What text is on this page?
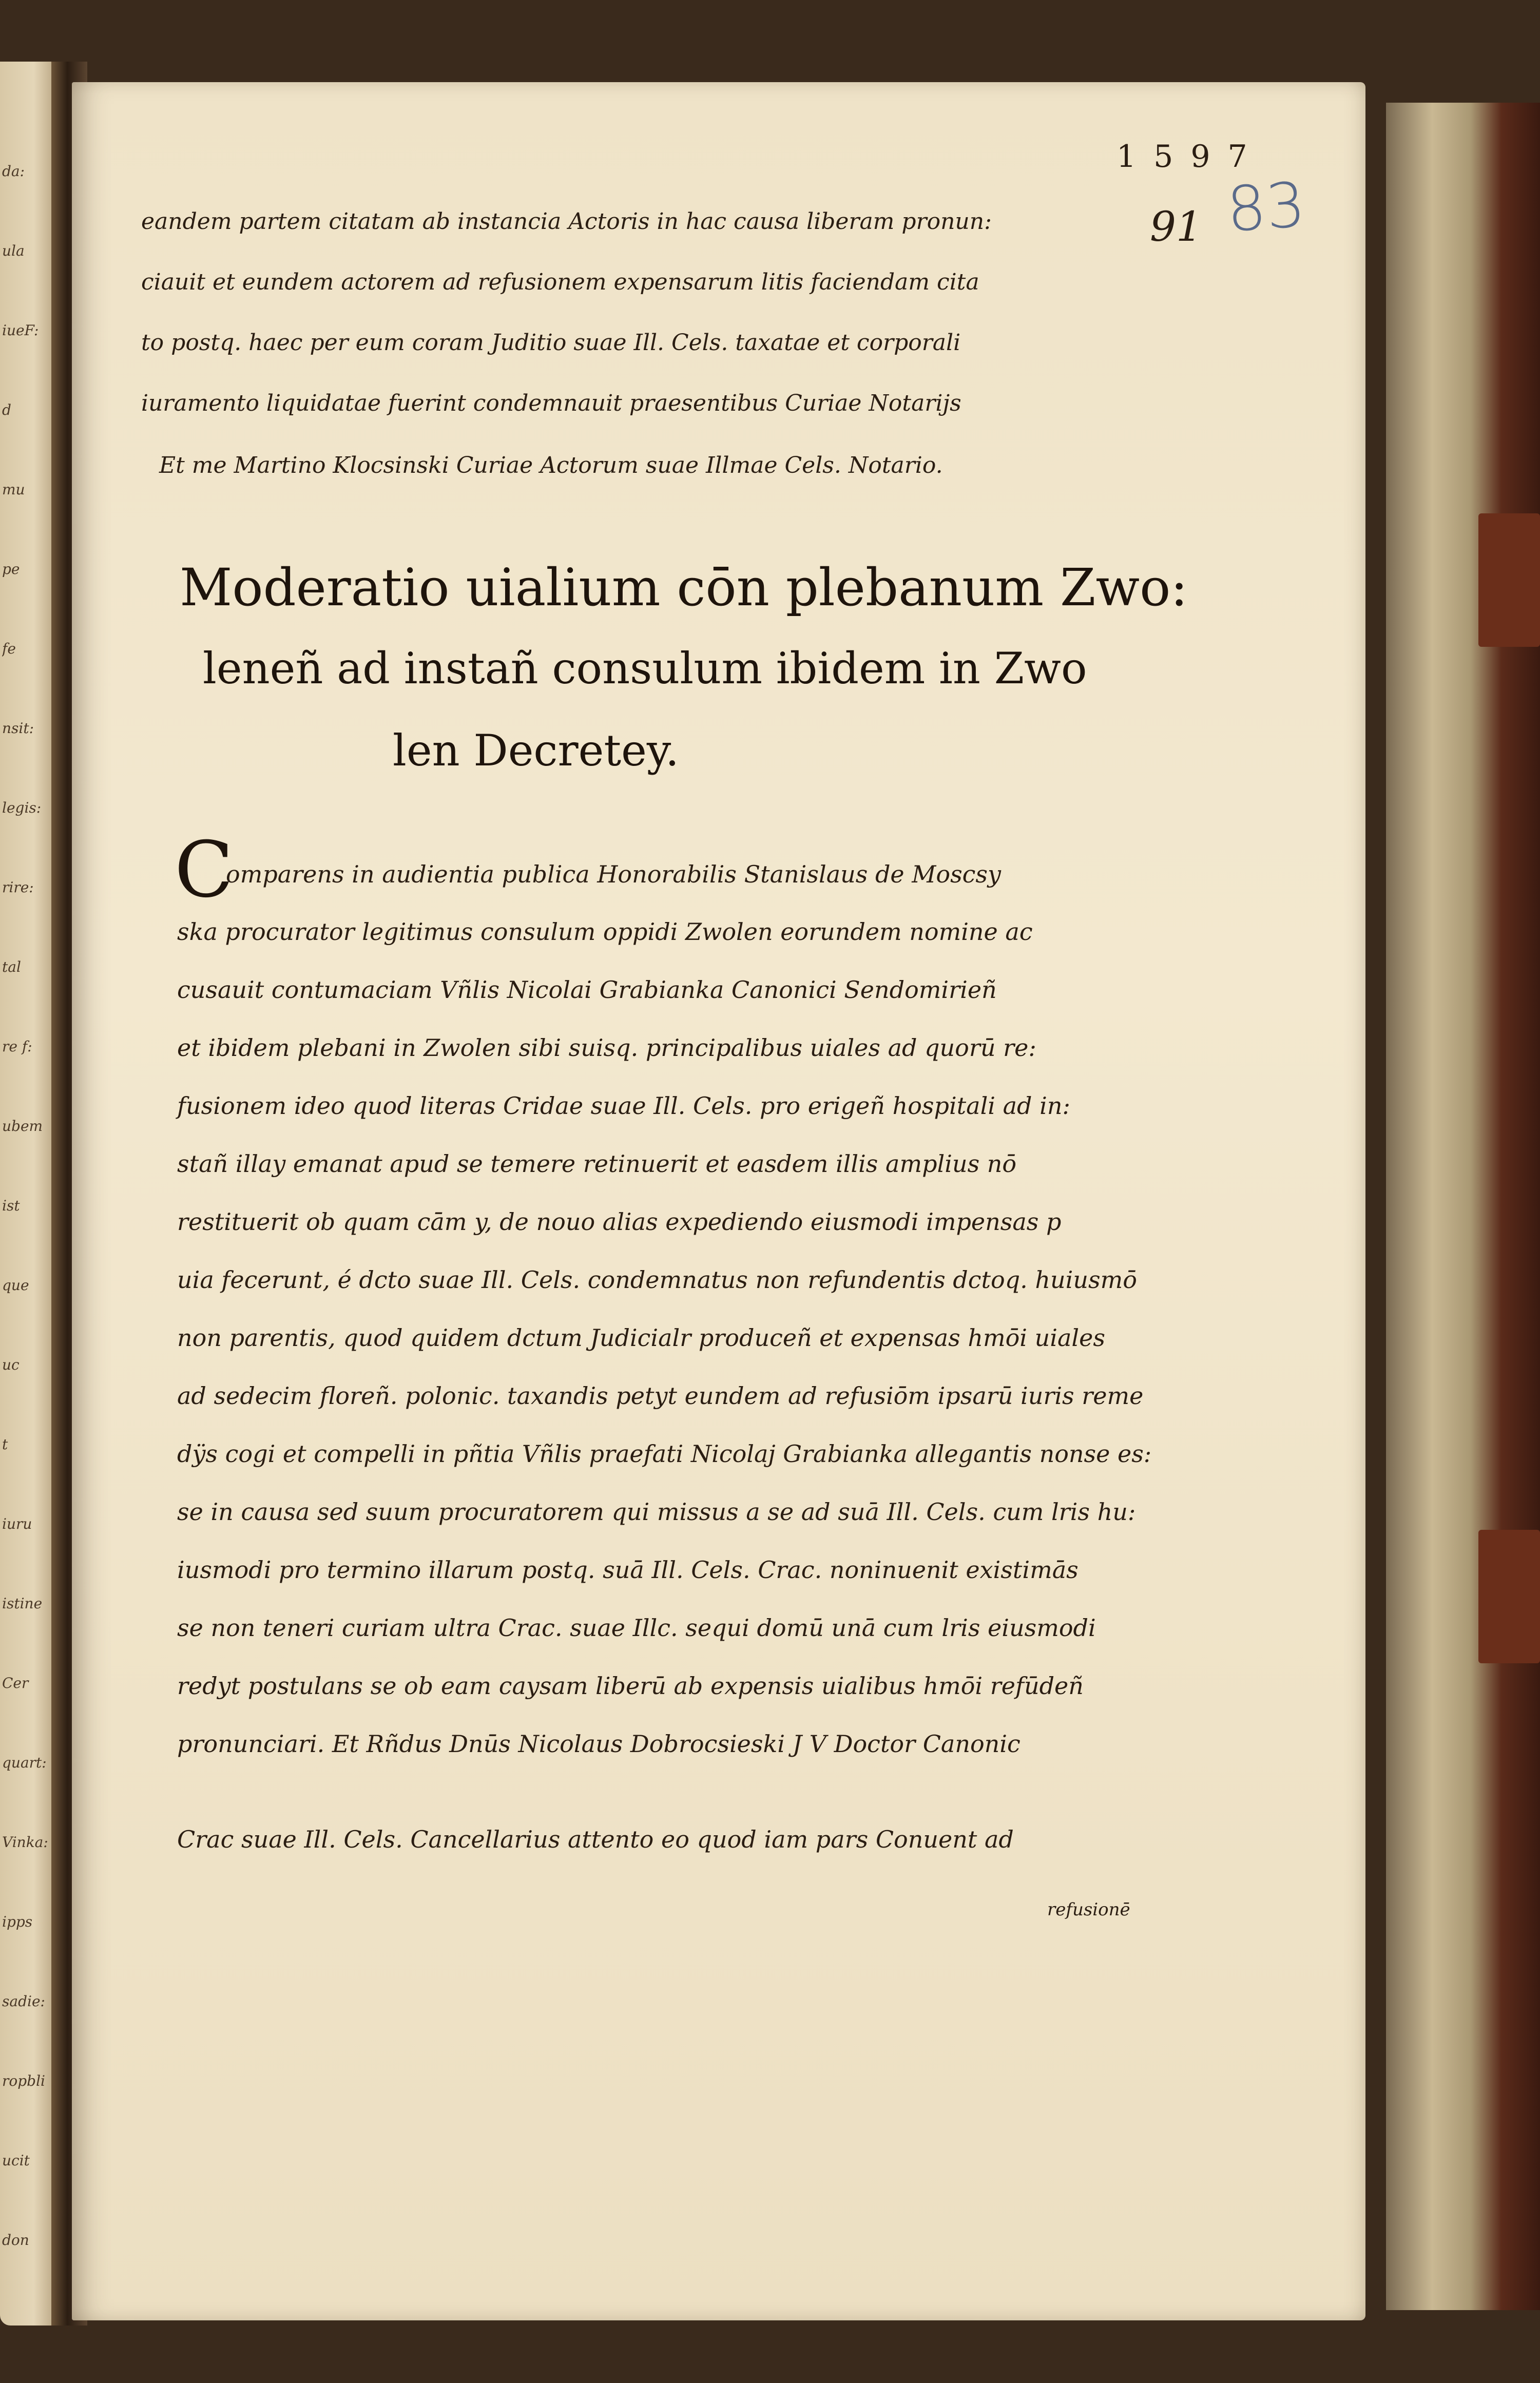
da:
ula
iueF:
d
mu
pe
fe
nsit:
legis:
rire:
tal
re f:
ubem
ist
que
uc
t
iuru
istine
Cer
quart:
Vinka:
ipps
sadie:
ropbli
ucit
don
1597
83
91
eandem partem citatam ab instancia Actoris in hac causa liberam pronun:
ciauit et eundem actorem ad refusionem expensarum litis faciendam cita
to postq. haec per eum coram Juditio suae Ill. Cels. taxatae et corporali
iuramento liquidatae fuerint condemnauit praesentibus Curiae Notarijs
Et me Martino Klocsinski Curiae Actorum suae Illmae Cels. Notario.
Moderatio uialium cōn plebanum Zwo:
leneñ ad instañ consulum ibidem in Zwo
len Decretey.
C
omparens in audientia publica Honorabilis Stanislaus de Moscsy
ska procurator legitimus consulum oppidi Zwolen eorundem nomine ac
cusauit contumaciam Vñlis Nicolai Grabianka Canonici Sendomirieñ
et ibidem plebani in Zwolen sibi suisq. principalibus uiales ad quorū re:
fusionem ideo quod literas Cridae suae Ill. Cels. pro erigeñ hospitali ad in:
stañ illay emanat apud se temere retinuerit et easdem illis amplius nō
restituerit ob quam cām y, de nouo alias expediendo eiusmodi impensas p
uia fecerunt, é dcto suae Ill. Cels. condemnatus non refundentis dctoq. huiusmō
non parentis, quod quidem dctum Judicialr produceñ et expensas hmōi uiales
ad sedecim floreñ. polonic. taxandis petyt eundem ad refusiōm ipsarū iuris reme
dÿs cogi et compelli in pñtia Vñlis praefati Nicolaj Grabianka allegantis nonse es:
se in causa sed suum procuratorem qui missus a se ad suā Ill. Cels. cum lris hu:
iusmodi pro termino illarum postq. suā Ill. Cels. Crac. noninuenit existimās
se non teneri curiam ultra Crac. suae Illc. sequi domū unā cum lris eiusmodi
redyt postulans se ob eam caysam liberū ab expensis uialibus hmōi refūdeñ
pronunciari. Et Rñdus Dnūs Nicolaus Dobrocsieski J V Doctor Canonic
Crac suae Ill. Cels. Cancellarius attento eo quod iam pars Conuent ad
refusionē
